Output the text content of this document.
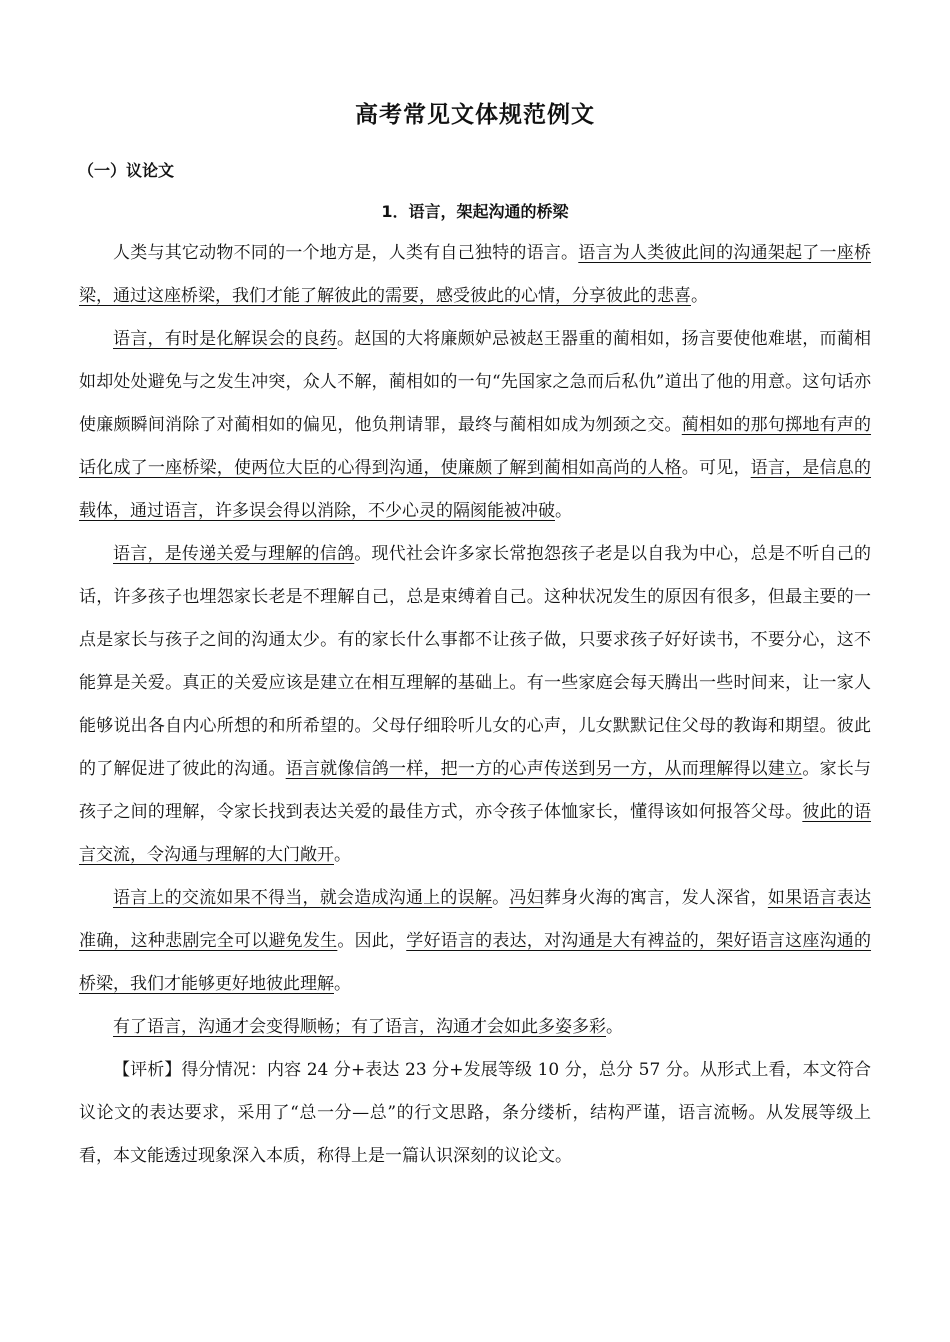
高考常见文体规范例文
（一）议论文
1．语言，架起沟通的桥梁

人类与其它动物不同的一个地方是，人类有自己独特的语言。语言为人类彼此间的沟通架起了一座桥梁，通过这座桥梁，我们才能了解彼此的需要，感受彼此的心情，分享彼此的悲喜。

语言，有时是化解误会的良药。赵国的大将廉颇妒忌被赵王器重的蔺相如，扬言要使他难堪，而蔺相如却处处避免与之发生冲突，众人不解，蔺相如的一句“先国家之急而后私仇”道出了他的用意。这句话亦使廉颇瞬间消除了对蔺相如的偏见，他负荆请罪，最终与蔺相如成为刎颈之交。蔺相如的那句掷地有声的话化成了一座桥梁，使两位大臣的心得到沟通，使廉颇了解到蔺相如高尚的人格。可见，语言，是信息的载体，通过语言，许多误会得以消除，不少心灵的隔阂能被冲破。

语言，是传递关爱与理解的信鸽。现代社会许多家长常抱怨孩子老是以自我为中心，总是不听自己的话，许多孩子也埋怨家长老是不理解自己，总是束缚着自己。这种状况发生的原因有很多，但最主要的一点是家长与孩子之间的沟通太少。有的家长什么事都不让孩子做，只要求孩子好好读书，不要分心，这不能算是关爱。真正的关爱应该是建立在相互理解的基础上。有一些家庭会每天腾出一些时间来，让一家人能够说出各自内心所想的和所希望的。父母仔细聆听儿女的心声，儿女默默记住父母的教诲和期望。彼此的了解促进了彼此的沟通。语言就像信鸽一样，把一方的心声传送到另一方，从而理解得以建立。家长与孩子之间的理解，令家长找到表达关爱的最佳方式，亦令孩子体恤家长，懂得该如何报答父母。彼此的语言交流，令沟通与理解的大门敞开。

语言上的交流如果不得当，就会造成沟通上的误解。冯妇葬身火海的寓言，发人深省，如果语言表达准确，这种悲剧完全可以避免发生。因此，学好语言的表达，对沟通是大有裨益的，架好语言这座沟通的桥梁，我们才能够更好地彼此理解。

有了语言，沟通才会变得顺畅；有了语言，沟通才会如此多姿多彩。

【评析】得分情况：内容 24 分+表达 23 分+发展等级 10 分，总分 57 分。从形式上看，本文符合议论文的表达要求，采用了“总一分—总”的行文思路，条分缕析，结构严谨，语言流畅。从发展等级上看，本文能透过现象深入本质，称得上是一篇认识深刻的议论文。
